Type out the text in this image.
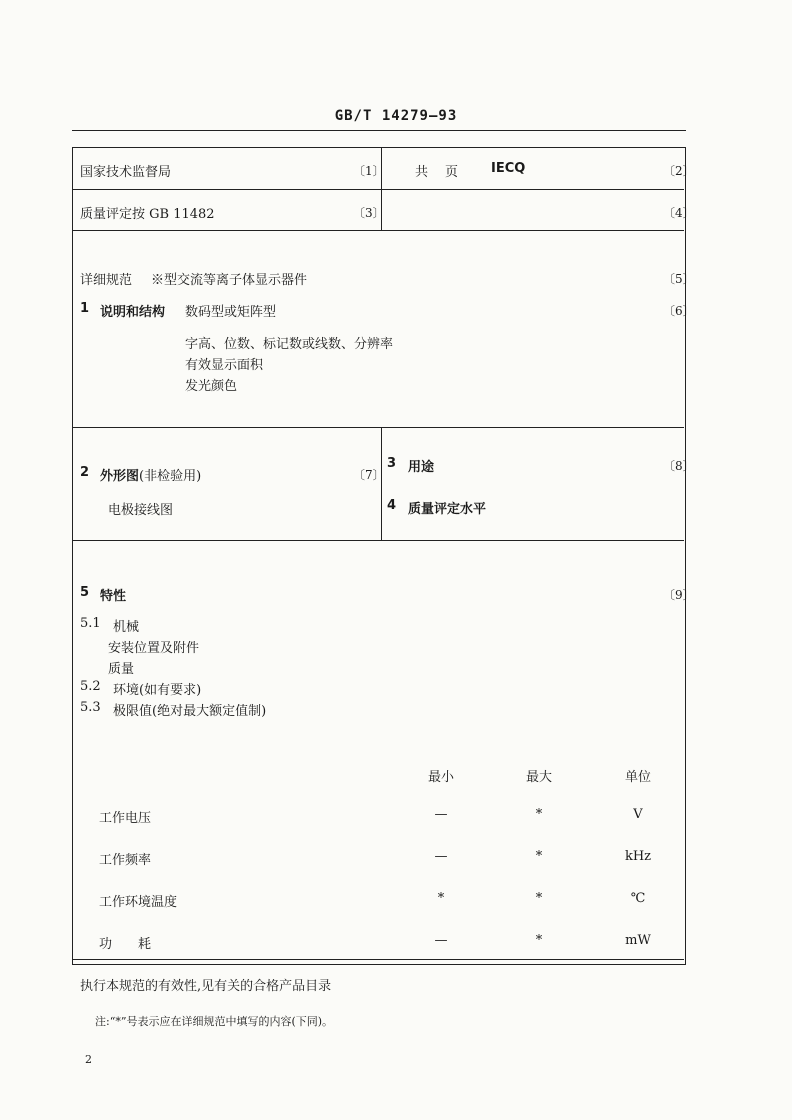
GB/T 14279—93
国家技术监督局	〔1〕 共 页	IECQ	〔2〕
质量评定按 GB 11482	〔3〕	〔4〕
详细规范 ※型交流等离子体显示器件	〔5〕
1 说明和结构 数码型或矩阵型	〔6〕
字高、位数、标记数或线数、分辨率
有效显示面积
发光颜色
2 外形图(非检验用)	〔7〕
电极接线图
3 用途	〔8〕
4 质量评定水平
5 特性	〔9〕
5.1 机械
安装位置及附件
质量
5.2 环境(如有要求)
5.3 极限值(绝对最大额定值制)
最小	最大	单位
工作电压	—	*	V
工作频率	—	*	kHz
工作环境温度	*	*	℃
功　　耗	—	*	mW
执行本规范的有效性,见有关的合格产品目录
注:“*”号表示应在详细规范中填写的内容(下同)。
2
